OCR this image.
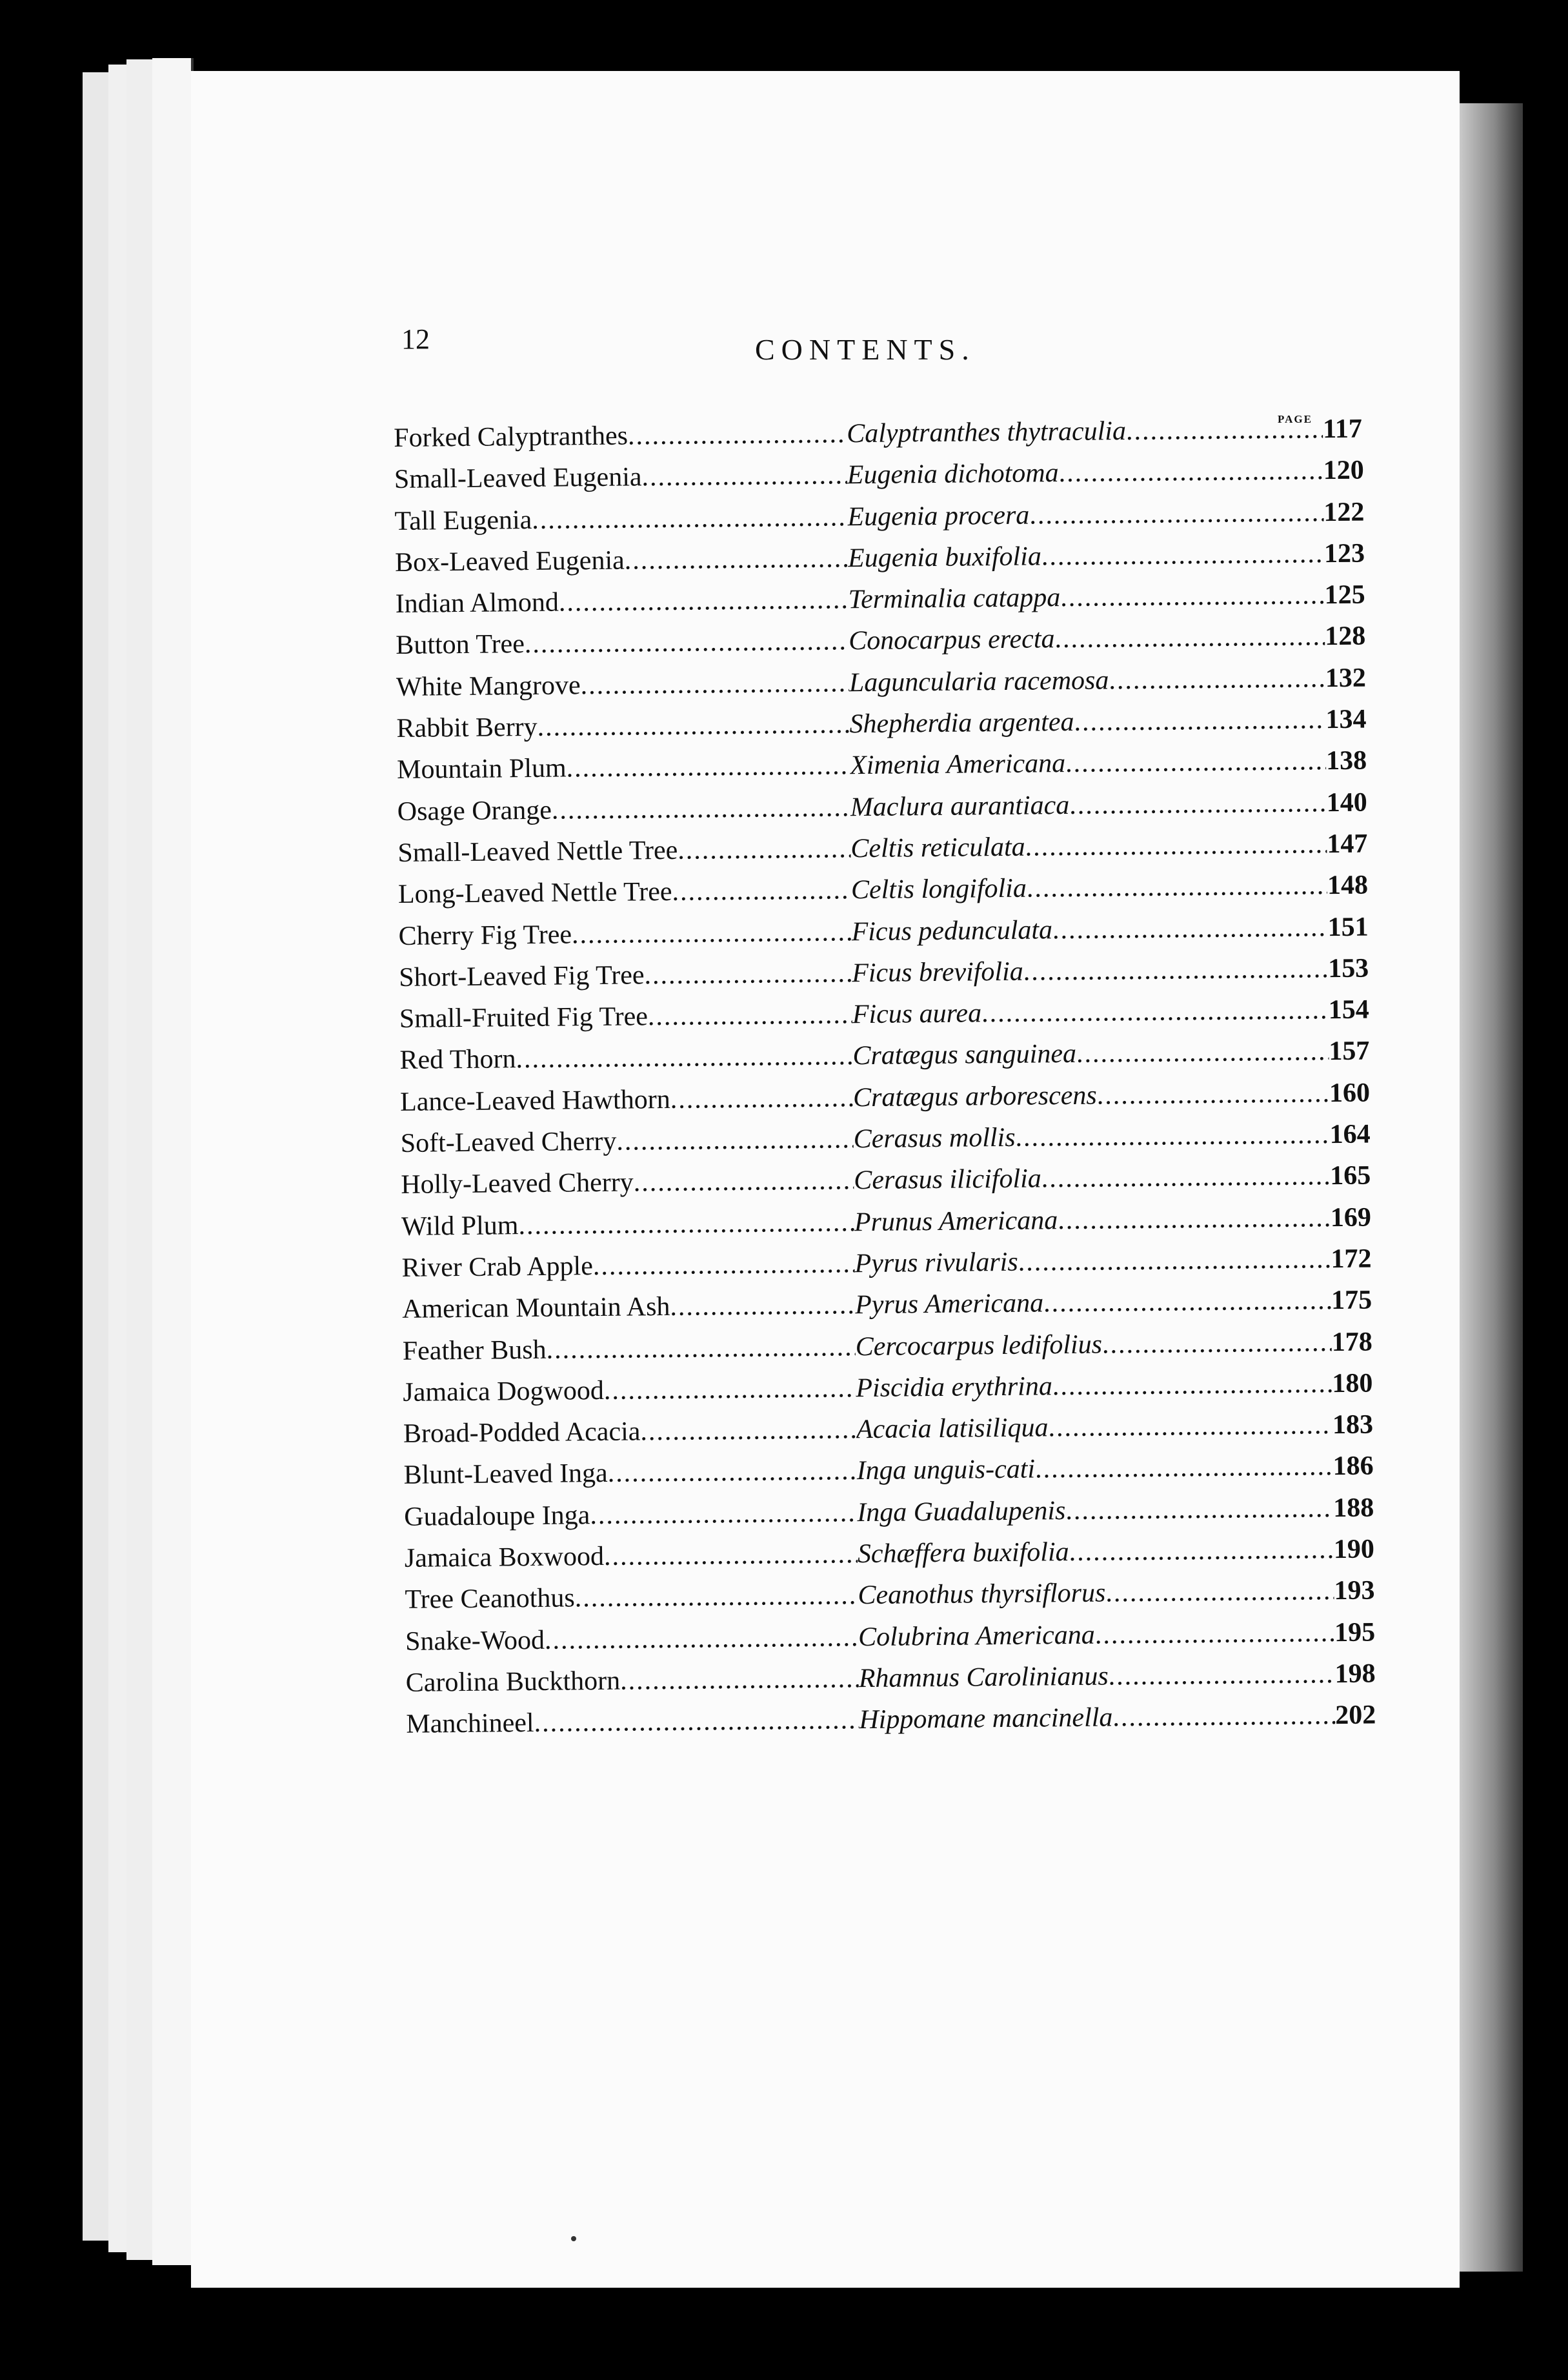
12	CONTENTS.
PAGE
Forked Calyptranthes .....	Calyptranthes thytraculia .....	117
Small-Leaved Eugenia .....	Eugenia dichotoma .....	120
Tall Eugenia .....	Eugenia procera .....	122
Box-Leaved Eugenia .....	Eugenia buxifolia .....	123
Indian Almond .....	Terminalia catappa .....	125
Button Tree .....	Conocarpus erecta .....	128
White Mangrove .....	Laguncularia racemosa .....	132
Rabbit Berry .....	Shepherdia argentea .....	134
Mountain Plum .....	Ximenia Americana .....	138
Osage Orange .....	Maclura aurantiaca .....	140
Small-Leaved Nettle Tree .....	Celtis reticulata .....	147
Long-Leaved Nettle Tree .....	Celtis longifolia .....	148
Cherry Fig Tree .....	Ficus pedunculata .....	151
Short-Leaved Fig Tree .....	Ficus brevifolia .....	153
Small-Fruited Fig Tree .....	Ficus aurea .....	154
Red Thorn .....	Cratægus sanguinea .....	157
Lance-Leaved Hawthorn .....	Cratægus arborescens .....	160
Soft-Leaved Cherry .....	Cerasus mollis .....	164
Holly-Leaved Cherry .....	Cerasus ilicifolia .....	165
Wild Plum .....	Prunus Americana .....	169
River Crab Apple .....	Pyrus rivularis .....	172
American Mountain Ash .....	Pyrus Americana .....	175
Feather Bush .....	Cercocarpus ledifolius .....	178
Jamaica Dogwood .....	Piscidia erythrina .....	180
Broad-Podded Acacia .....	Acacia latisiliqua .....	183
Blunt-Leaved Inga .....	Inga unguis-cati .....	186
Guadaloupe Inga .....	Inga Guadalupenis .....	188
Jamaica Boxwood .....	Schæffera buxifolia .....	190
Tree Ceanothus .....	Ceanothus thyrsiflorus .....	193
Snake-Wood .....	Colubrina Americana .....	195
Carolina Buckthorn .....	Rhamnus Carolinianus .....	198
Manchineel .....	Hippomane mancinella .....	202
